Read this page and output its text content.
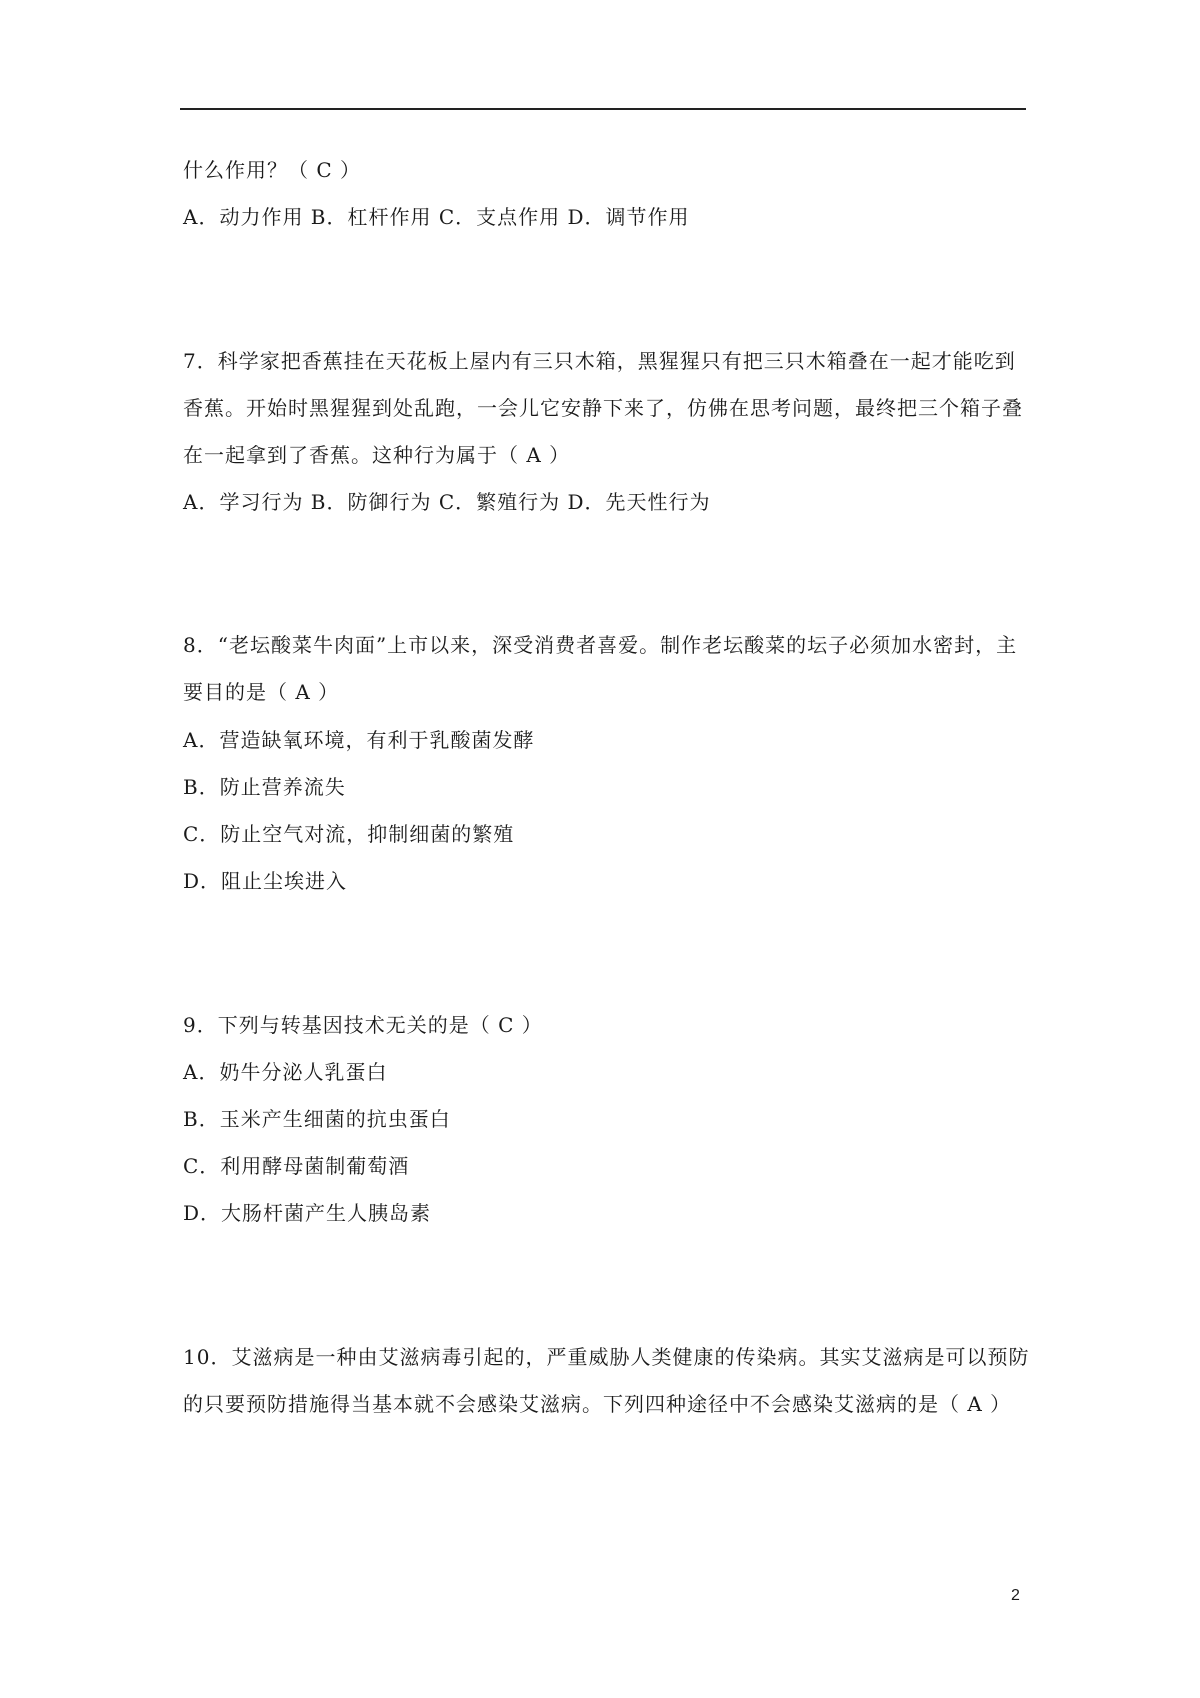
什么作用？（ C ）
A．动力作用 B．杠杆作用 C．支点作用 D．调节作用
7．科学家把香蕉挂在天花板上屋内有三只木箱，黑猩猩只有把三只木箱叠在一起才能吃到
香蕉。开始时黑猩猩到处乱跑，一会儿它安静下来了，仿佛在思考问题，最终把三个箱子叠
在一起拿到了香蕉。这种行为属于（ A ）
A．学习行为 B．防御行为 C．繁殖行为 D．先天性行为
8．“老坛酸菜牛肉面”上市以来，深受消费者喜爱。制作老坛酸菜的坛子必须加水密封，主
要目的是（ A ）
A．营造缺氧环境，有利于乳酸菌发酵
B．防止营养流失
C．防止空气对流，抑制细菌的繁殖
D．阻止尘埃进入
9．下列与转基因技术无关的是（ C ）
A．奶牛分泌人乳蛋白
B．玉米产生细菌的抗虫蛋白
C．利用酵母菌制葡萄酒
D．大肠杆菌产生人胰岛素
10．艾滋病是一种由艾滋病毒引起的，严重威胁人类健康的传染病。其实艾滋病是可以预防
的只要预防措施得当基本就不会感染艾滋病。下列四种途径中不会感染艾滋病的是（ A ）
2
